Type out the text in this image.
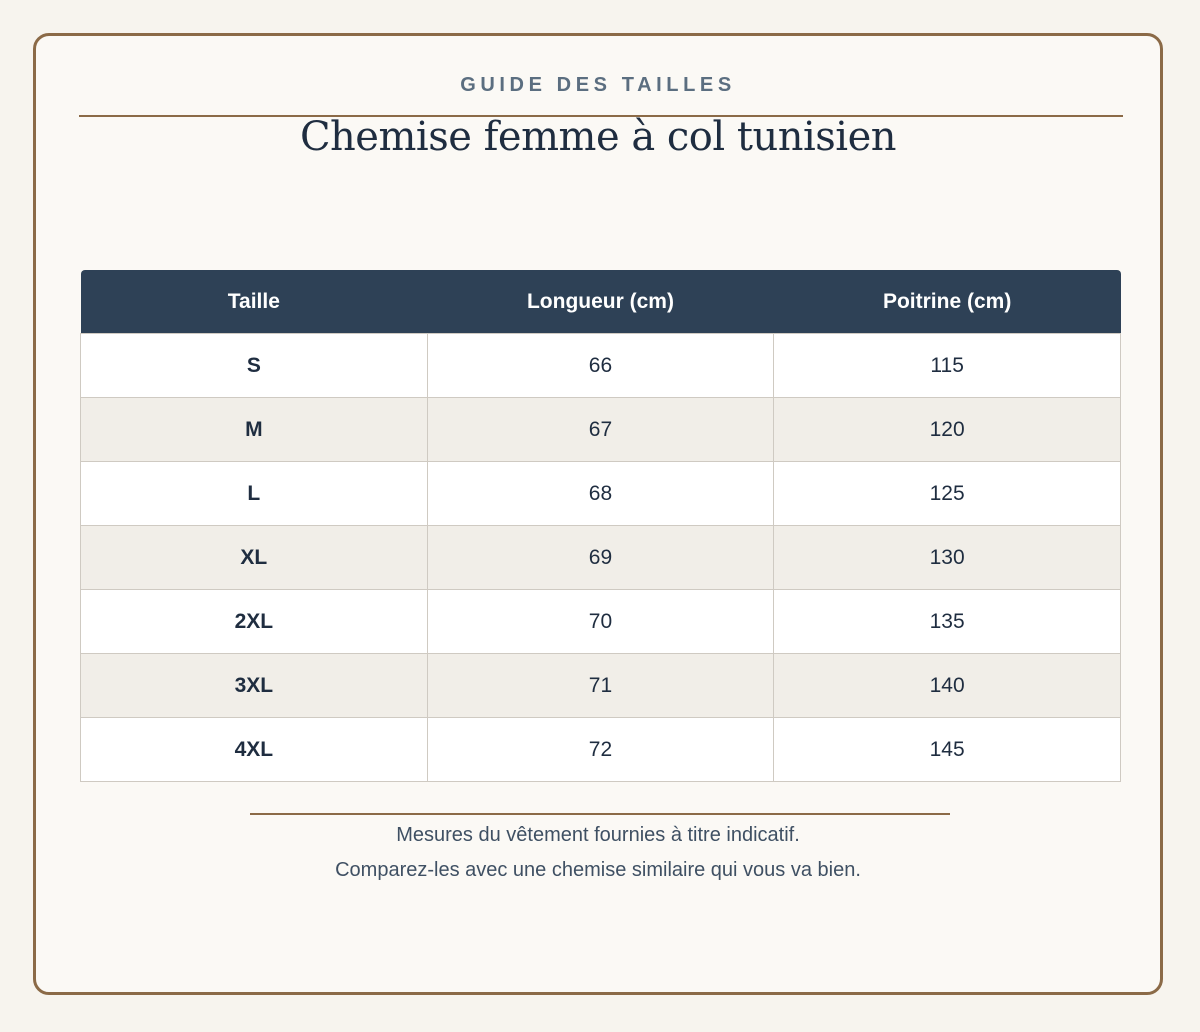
GUIDE DES TAILLES
Chemise femme à col tunisien
Taille	Longueur (cm)	Poitrine (cm)
S	66	115
M	67	120
L	68	125
XL	69	130
2XL	70	135
3XL	71	140
4XL	72	145
Mesures du vêtement fournies à titre indicatif.
Comparez-les avec une chemise similaire qui vous va bien.
